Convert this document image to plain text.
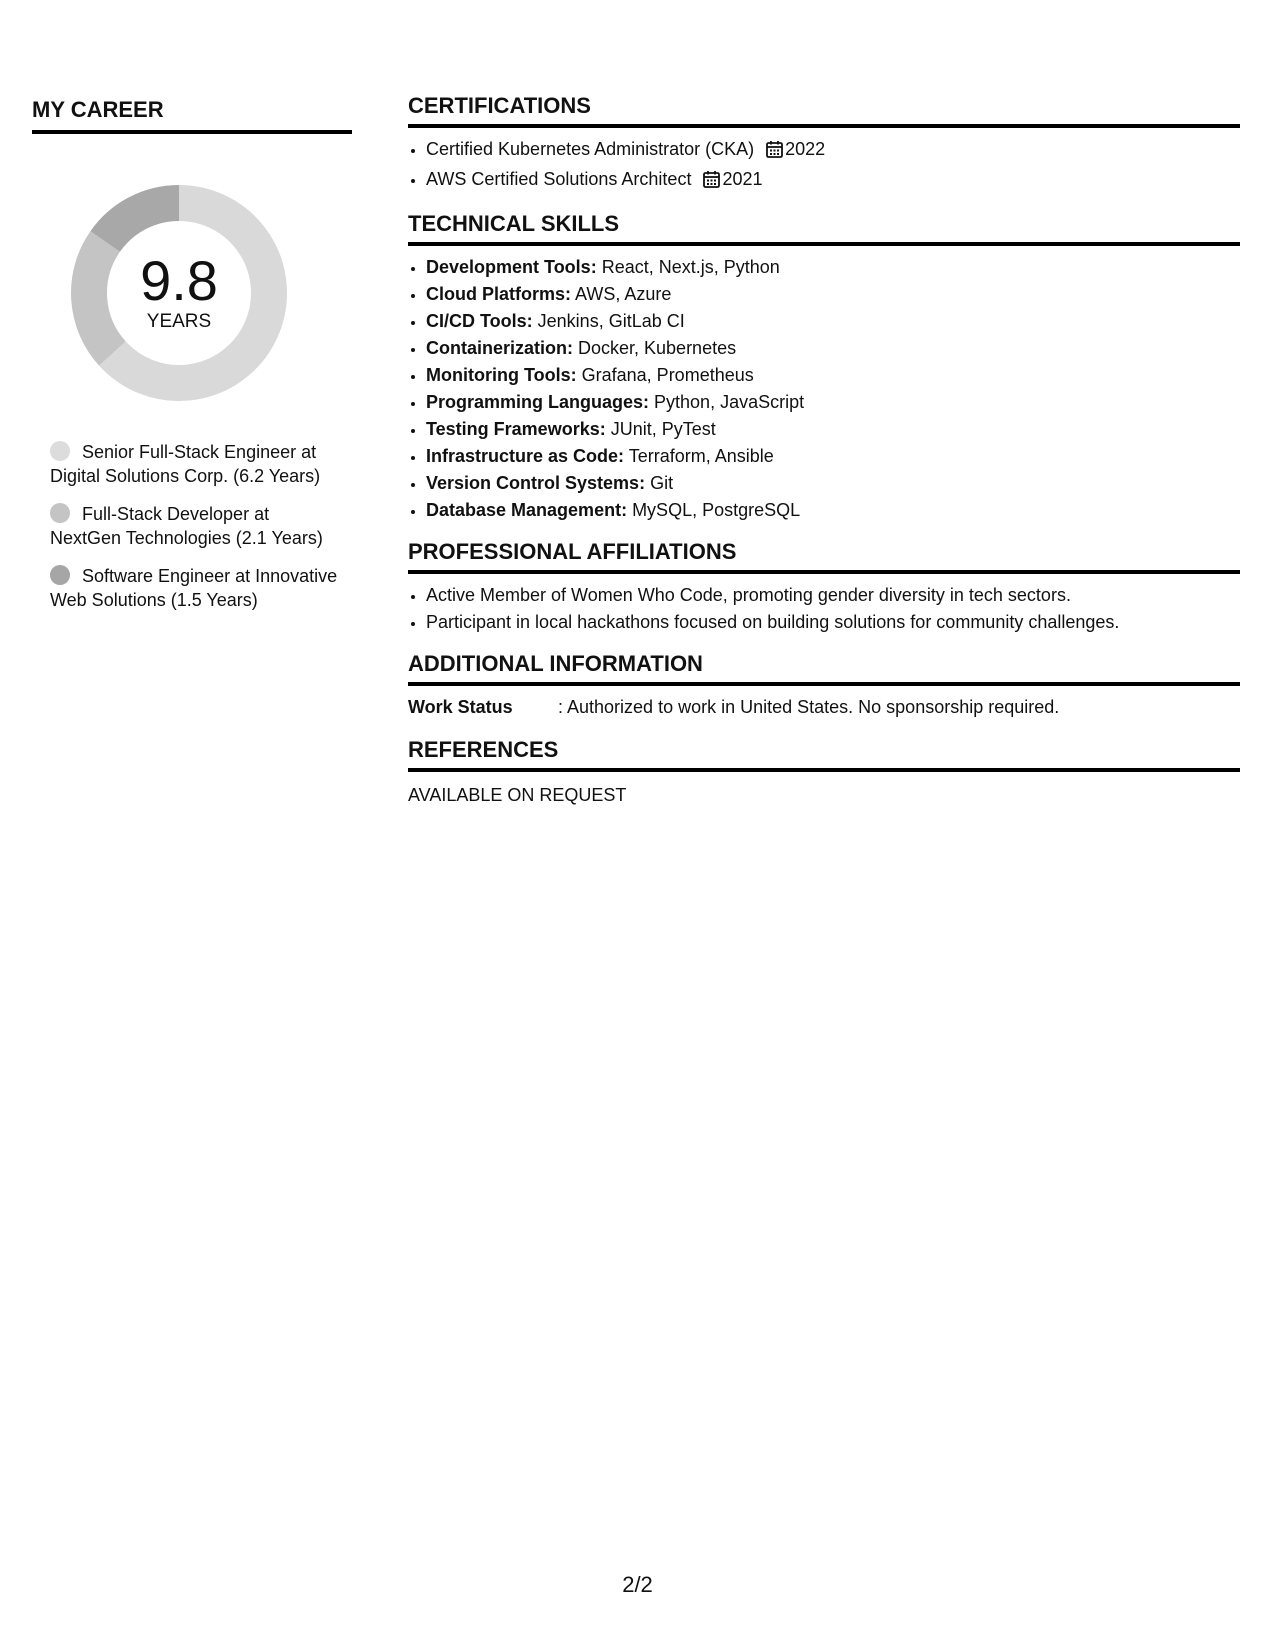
MY CAREER
9.8
YEARS
Senior Full-Stack Engineer at Digital Solutions Corp. (6.2 Years)
Full-Stack Developer at NextGen Technologies (2.1 Years)
Software Engineer at Innovative Web Solutions (1.5 Years)
CERTIFICATIONS
• Certified Kubernetes Administrator (CKA) 2022
• AWS Certified Solutions Architect 2021
TECHNICAL SKILLS
• Development Tools: React, Next.js, Python
• Cloud Platforms: AWS, Azure
• CI/CD Tools: Jenkins, GitLab CI
• Containerization: Docker, Kubernetes
• Monitoring Tools: Grafana, Prometheus
• Programming Languages: Python, JavaScript
• Testing Frameworks: JUnit, PyTest
• Infrastructure as Code: Terraform, Ansible
• Version Control Systems: Git
• Database Management: MySQL, PostgreSQL
PROFESSIONAL AFFILIATIONS
• Active Member of Women Who Code, promoting gender diversity in tech sectors.
• Participant in local hackathons focused on building solutions for community challenges.
ADDITIONAL INFORMATION
Work Status	: Authorized to work in United States. No sponsorship required.
REFERENCES
AVAILABLE ON REQUEST
2/2
